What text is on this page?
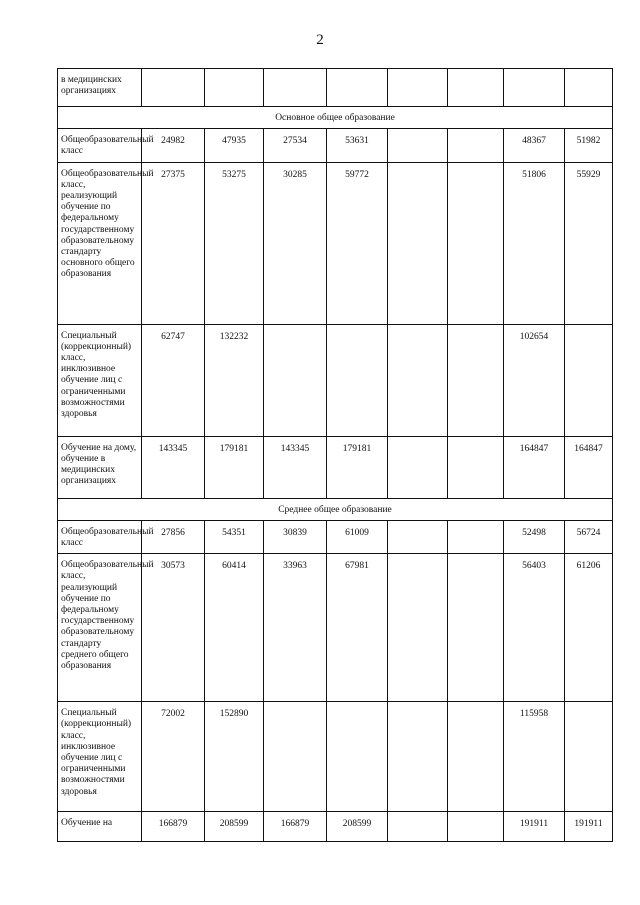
2
в медицинских организациях								
Основное общее образование								
Общеобразовательный класс	24982	47935	27534	53631			48367	51982
Общеобразовательный класс, реализующий обучение по федеральному государственному образовательному стандарту основного общего образования	27375	53275	30285	59772			51806	55929
Специальный (коррекционный) класс, инклюзивное обучение лиц с ограниченными возможностями здоровья	62747	132232					102654	
Обучение на дому, обучение в медицинских организациях	143345	179181	143345	179181			164847	164847
Среднее общее образование								
Общеобразовательный класс	27856	54351	30839	61009			52498	56724
Общеобразовательный класс, реализующий обучение по федеральному государственному образовательному стандарту среднего общего образования	30573	60414	33963	67981			56403	61206
Специальный (коррекционный) класс, инклюзивное обучение лиц с ограниченными возможностями здоровья	72002	152890					115958	
Обучение на	166879	208599	166879	208599			191911	191911
